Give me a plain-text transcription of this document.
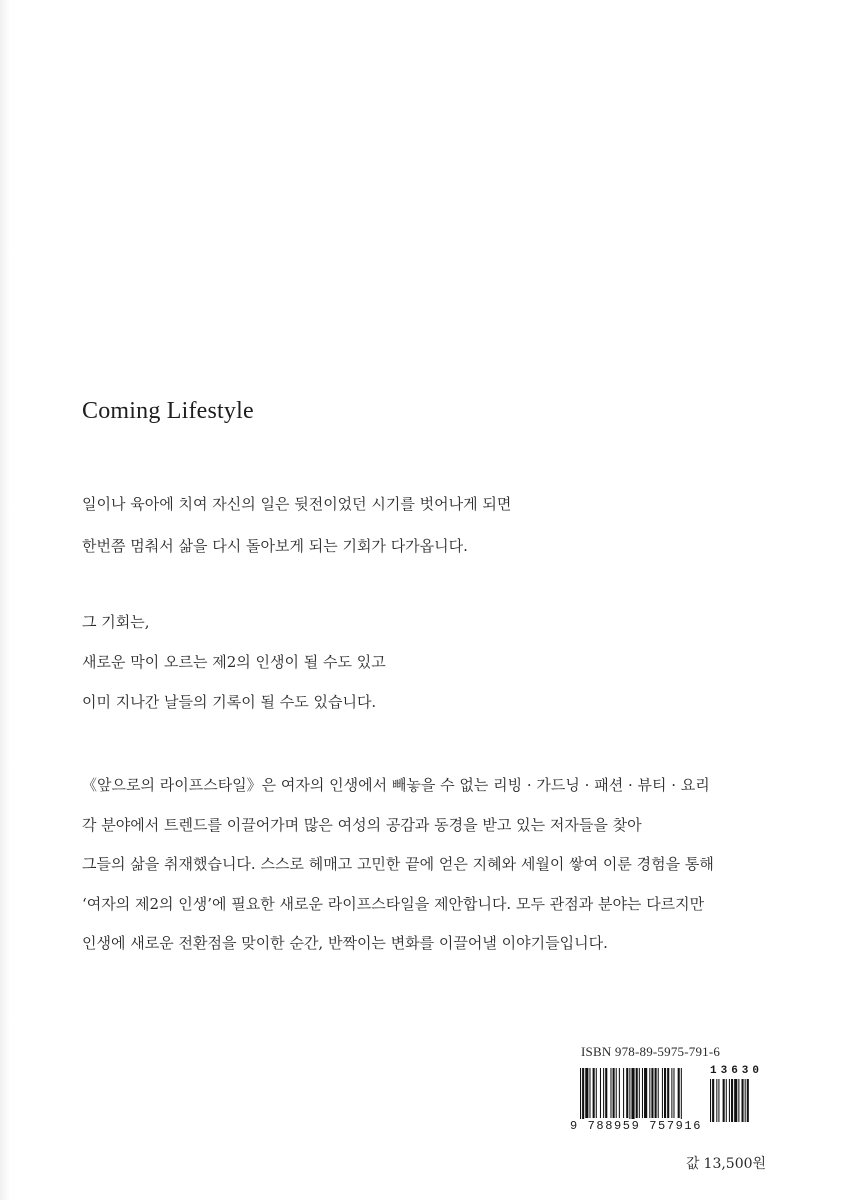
Coming Lifestyle
일이나 육아에 치여 자신의 일은 뒷전이었던 시기를 벗어나게 되면
한번쯤 멈춰서 삶을 다시 돌아보게 되는 기회가 다가옵니다.
그 기회는,
새로운 막이 오르는 제2의 인생이 될 수도 있고
이미 지나간 날들의 기록이 될 수도 있습니다.
《앞으로의 라이프스타일》은 여자의 인생에서 빼놓을 수 없는 리빙 · 가드닝 · 패션 · 뷰티 · 요리
각 분야에서 트렌드를 이끌어가며 많은 여성의 공감과 동경을 받고 있는 저자들을 찾아
그들의 삶을 취재했습니다. 스스로 헤매고 고민한 끝에 얻은 지혜와 세월이 쌓여 이룬 경험을 통해
‘여자의 제2의 인생’에 필요한 새로운 라이프스타일을 제안합니다. 모두 관점과 분야는 다르지만
인생에 새로운 전환점을 맞이한 순간, 반짝이는 변화를 이끌어낼 이야기들입니다.
ISBN 978-89-5975-791-6
13630
9 788959 757916
값 13,500원
